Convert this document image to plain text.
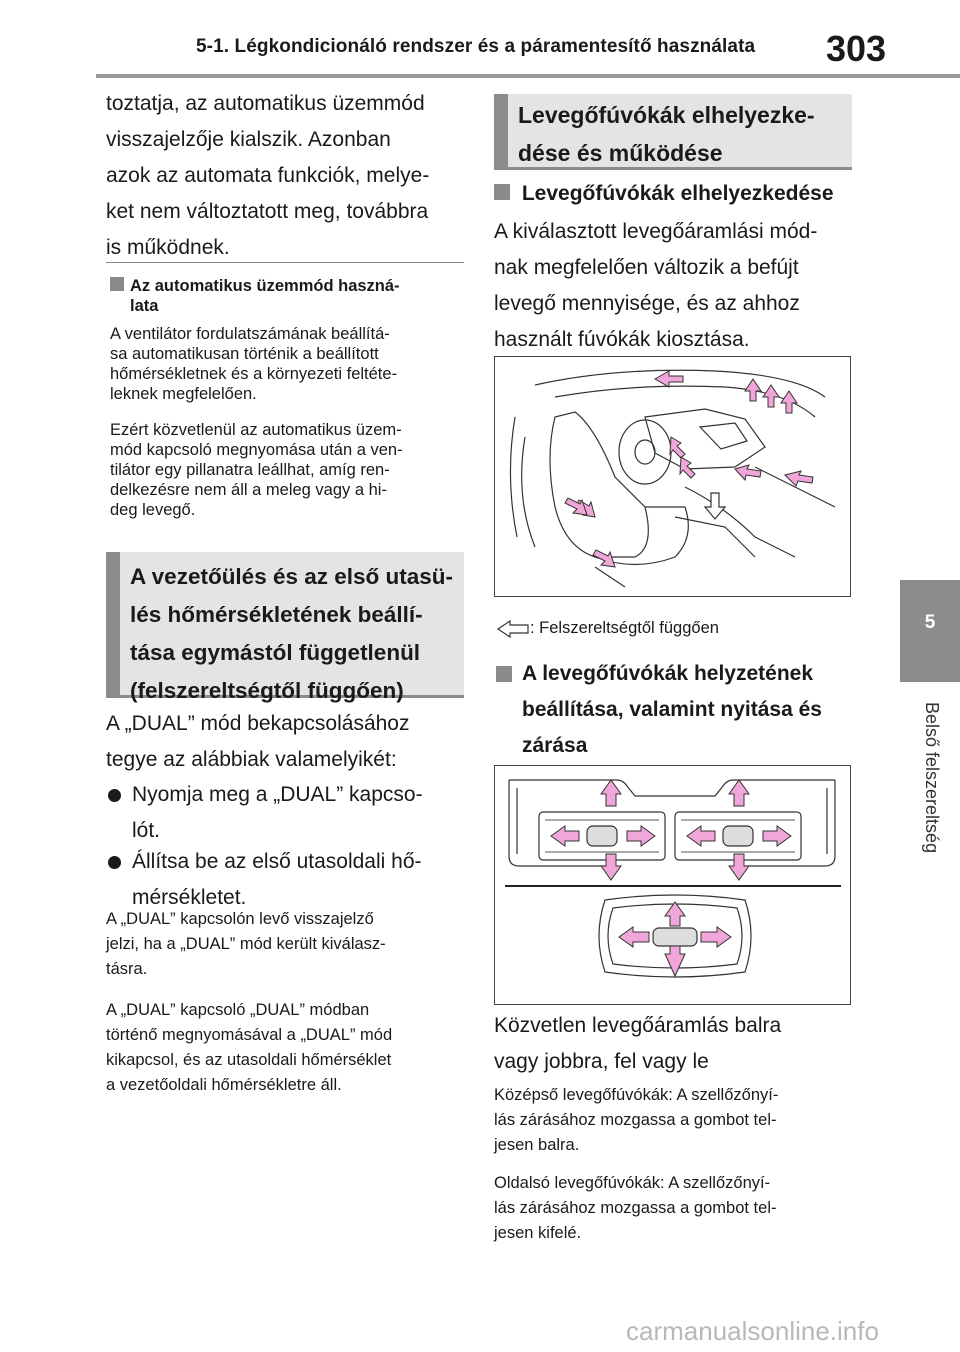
5-1. Légkondicionáló rendszer és a páramentesítő használata 303
5
Belső felszereltség
toztatja, az automatikus üzemmód
visszajelzője kialszik. Azonban
azok az automata funkciók, melye-
ket nem változtatott meg, továbbra
is működnek.
Az automatikus üzemmód haszná-
lata
A ventilátor fordulatszámának beállítá-
sa automatikusan történik a beállított
hőmérsékletnek és a környezeti feltéte-
leknek megfelelően.
Ezért közvetlenül az automatikus üzem-
mód kapcsoló megnyomása után a ven-
tilátor egy pillanatra leállhat, amíg ren-
delkezésre nem áll a meleg vagy a hi-
deg levegő.
A vezetőülés és az első utasü-
lés hőmérsékletének beállí-
tása egymástól függetlenül
(felszereltségtől függően)
A „DUAL” mód bekapcsolásához
tegye az alábbiak valamelyikét:
Nyomja meg a „DUAL” kapcso-
lót.
Állítsa be az első utasoldali hő-
mérsékletet.
A „DUAL” kapcsolón levő visszajelző
jelzi, ha a „DUAL” mód került kiválasz-
tásra.
A „DUAL” kapcsoló „DUAL” módban
történő megnyomásával a „DUAL” mód
kikapcsol, és az utasoldali hőmérséklet
a vezetőoldali hőmérsékletre áll.
Levegőfúvókák elhelyezke-
dése és működése
Levegőfúvókák elhelyezkedése
A kiválasztott levegőáramlási mód-
nak megfelelően változik a befújt
levegő mennyisége, és az ahhoz
használt fúvókák kiosztása.
: Felszereltségtől függően
A levegőfúvókák helyzetének
beállítása, valamint nyitása és
zárása
Közvetlen levegőáramlás balra
vagy jobbra, fel vagy le
Középső levegőfúvókák: A szellőzőnyí-
lás zárásához mozgassa a gombot tel-
jesen balra.
Oldalsó levegőfúvókák: A szellőzőnyí-
lás zárásához mozgassa a gombot tel-
jesen kifelé.
carmanualsonline.info
